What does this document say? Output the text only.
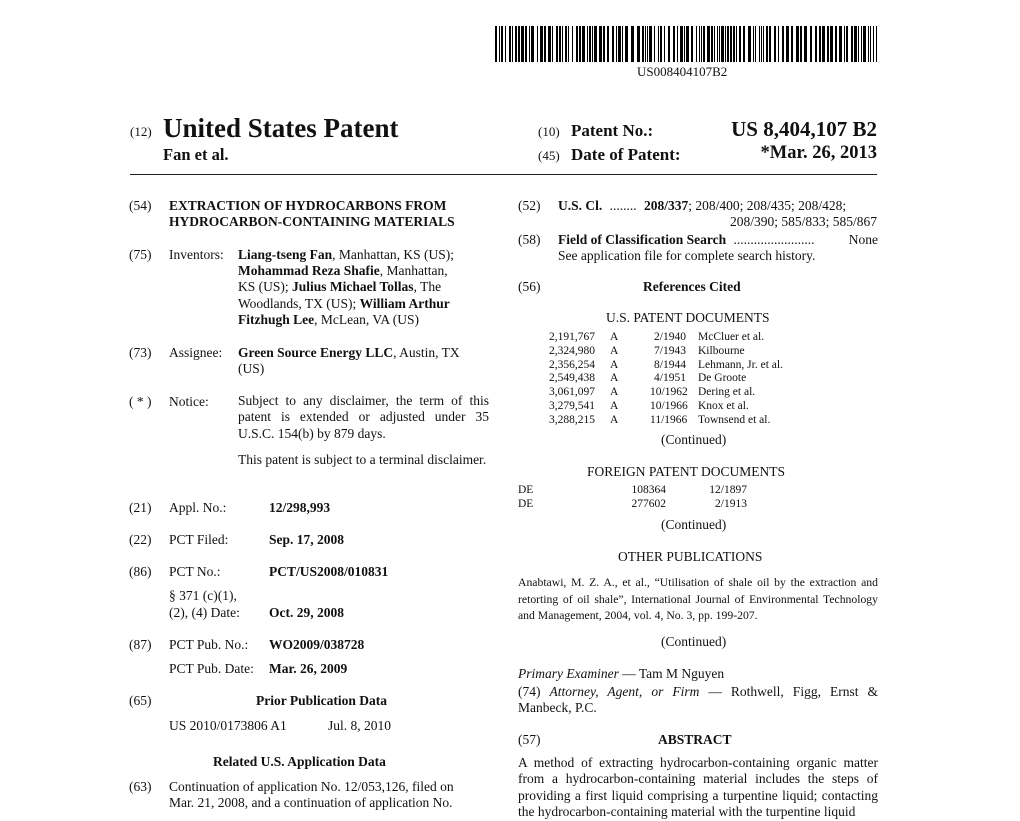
US008404107B2
(12) United States Patent
Fan et al.
(10) Patent No.:	US 8,404,107 B2
(45) Date of Patent:	*Mar. 26, 2013
(54) EXTRACTION OF HYDROCARBONS FROM
HYDROCARBON-CONTAINING MATERIALS
(75) Inventors: Liang-tseng Fan, Manhattan, KS (US);
Mohammad Reza Shafie, Manhattan,
KS (US); Julius Michael Tollas, The
Woodlands, TX (US); William Arthur
Fitzhugh Lee, McLean, VA (US)
(73) Assignee: Green Source Energy LLC, Austin, TX
(US)
( * ) Notice: Subject to any disclaimer, the term of this patent is extended or adjusted under 35 U.S.C. 154(b) by 879 days.
This patent is subject to a terminal disclaimer.
(21) Appl. No.:	12/298,993
(22) PCT Filed:	Sep. 17, 2008
(86) PCT No.:	PCT/US2008/010831
§ 371 (c)(1),
(2), (4) Date: Oct. 29, 2008
(87) PCT Pub. No.: WO2009/038728
PCT Pub. Date: Mar. 26, 2009
(65)	Prior Publication Data
US 2010/0173806 A1	Jul. 8, 2010
Related U.S. Application Data
(63) Continuation of application No. 12/053,126, filed on
Mar. 21, 2008, and a continuation of application No.
(52) U.S. Cl. ........ 208/337; 208/400; 208/435; 208/428;
208/390; 585/833; 585/867
(58) Field of Classification Search ........................	None
See application file for complete search history.
(56)	References Cited
U.S. PATENT DOCUMENTS
2,191,767 A	2/1940 McCluer et al.
2,324,980 A	7/1943 Kilbourne
2,356,254 A	8/1944 Lehmann, Jr. et al.
2,549,438 A	4/1951 De Groote
3,061,097 A	10/1962 Dering et al.
3,279,541 A	10/1966 Knox et al.
3,288,215 A	11/1966 Townsend et al.
(Continued)
FOREIGN PATENT DOCUMENTS
DE	108364	12/1897
DE	277602	2/1913
(Continued)
OTHER PUBLICATIONS
Anabtawi, M. Z. A., et al., “Utilisation of shale oil by the extraction and retorting of oil shale”, International Journal of Environmental Technology and Management, 2004, vol. 4, No. 3, pp. 199-207.
(Continued)
Primary Examiner — Tam M Nguyen
(74) Attorney, Agent, or Firm — Rothwell, Figg, Ernst & Manbeck, P.C.
(57)	ABSTRACT
A method of extracting hydrocarbon-containing organic matter from a hydrocarbon-containing material includes the steps of providing a first liquid comprising a turpentine liquid; contacting the hydrocarbon-containing material with the turpentine liquid
